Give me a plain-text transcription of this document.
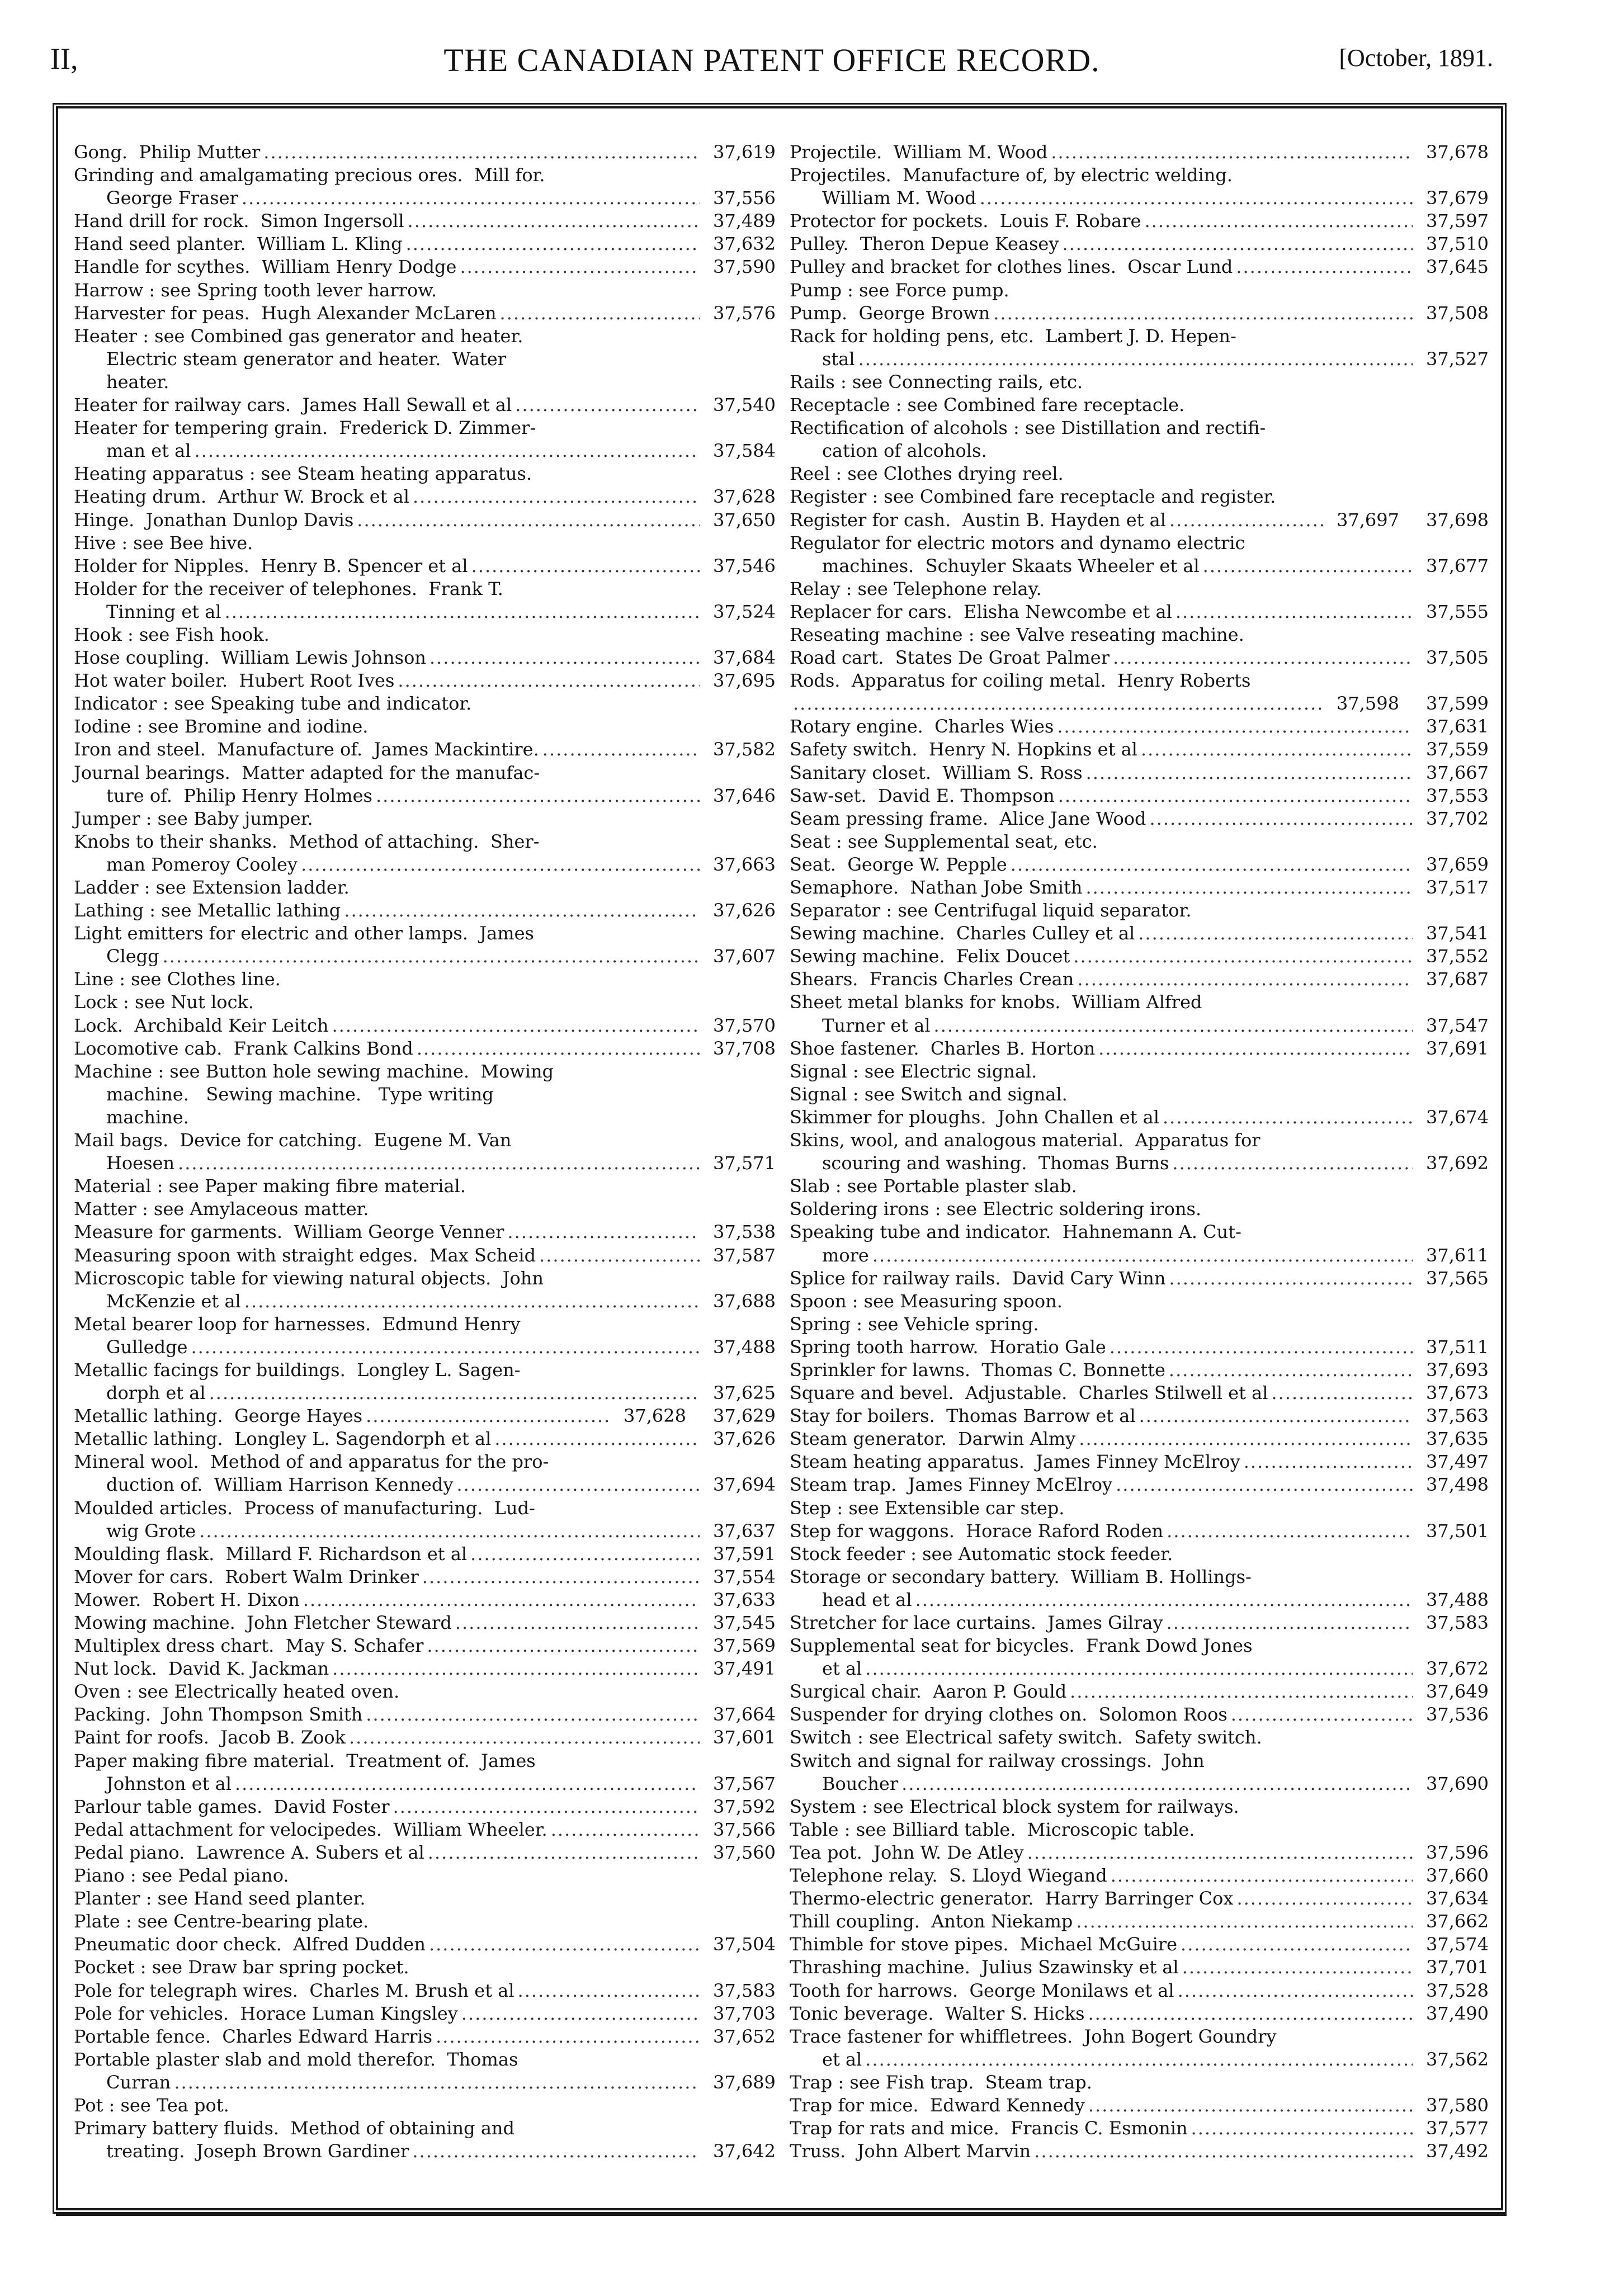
II,	THE CANADIAN PATENT OFFICE RECORD.	[October, 1891.
Gong.  Philip Mutter .....	37,619
Grinding and amalgamating precious ores.  Mill for.
George Fraser .....	37,556
Hand drill for rock.  Simon Ingersoll .....	37,489
Hand seed planter.  William L. Kling .....	37,632
Handle for scythes.  William Henry Dodge .....	37,590
Harrow : see Spring tooth lever harrow.
Harvester for peas.  Hugh Alexander McLaren .....	37,576
Heater : see Combined gas generator and heater.
Electric steam generator and heater.  Water
heater.
Heater for railway cars.  James Hall Sewall et al .....	37,540
Heater for tempering grain.  Frederick D. Zimmer-
man et al .....	37,584
Heating apparatus : see Steam heating apparatus.
Heating drum.  Arthur W. Brock et al .....	37,628
Hinge.  Jonathan Dunlop Davis .....	37,650
Hive : see Bee hive.
Holder for Nipples.  Henry B. Spencer et al .....	37,546
Holder for the receiver of telephones.  Frank T.
Tinning et al .....	37,524
Hook : see Fish hook.
Hose coupling.  William Lewis Johnson .....	37,684
Hot water boiler.  Hubert Root Ives .....	37,695
Indicator : see Speaking tube and indicator.
Iodine : see Bromine and iodine.
Iron and steel.  Manufacture of.  James Mackintire. .....	37,582
Journal bearings.  Matter adapted for the manufac-
ture of.  Philip Henry Holmes .....	37,646
Jumper : see Baby jumper.
Knobs to their shanks.  Method of attaching.  Sher-
man Pomeroy Cooley .....	37,663
Ladder : see Extension ladder.
Lathing : see Metallic lathing .....	37,626
Light emitters for electric and other lamps.  James
Clegg .....	37,607
Line : see Clothes line.
Lock : see Nut lock.
Lock.  Archibald Keir Leitch .....	37,570
Locomotive cab.  Frank Calkins Bond .....	37,708
Machine : see Button hole sewing machine.  Mowing
machine.   Sewing machine.   Type writing
machine.
Mail bags.  Device for catching.  Eugene M. Van
Hoesen .....	37,571
Material : see Paper making fibre material.
Matter : see Amylaceous matter.
Measure for garments.  William George Venner .....	37,538
Measuring spoon with straight edges.  Max Scheid .....	37,587
Microscopic table for viewing natural objects.  John
McKenzie et al .....	37,688
Metal bearer loop for harnesses.  Edmund Henry
Gulledge .....	37,488
Metallic facings for buildings.  Longley L. Sagen-
dorph et al .....	37,625
Metallic lathing.  George Hayes .....	37,628	37,629
Metallic lathing.  Longley L. Sagendorph et al .....	37,626
Mineral wool.  Method of and apparatus for the pro-
duction of.  William Harrison Kennedy .....	37,694
Moulded articles.  Process of manufacturing.  Lud-
wig Grote .....	37,637
Moulding flask.  Millard F. Richardson et al .....	37,591
Mover for cars.  Robert Walm Drinker .....	37,554
Mower.  Robert H. Dixon .....	37,633
Mowing machine.  John Fletcher Steward .....	37,545
Multiplex dress chart.  May S. Schafer .....	37,569
Nut lock.  David K. Jackman .....	37,491
Oven : see Electrically heated oven.
Packing.  John Thompson Smith .....	37,664
Paint for roofs.  Jacob B. Zook .....	37,601
Paper making fibre material.  Treatment of.  James
Johnston et al .....	37,567
Parlour table games.  David Foster .....	37,592
Pedal attachment for velocipedes.  William Wheeler. .....	37,566
Pedal piano.  Lawrence A. Subers et al .....	37,560
Piano : see Pedal piano.
Planter : see Hand seed planter.
Plate : see Centre-bearing plate.
Pneumatic door check.  Alfred Dudden .....	37,504
Pocket : see Draw bar spring pocket.
Pole for telegraph wires.  Charles M. Brush et al .....	37,583
Pole for vehicles.  Horace Luman Kingsley .....	37,703
Portable fence.  Charles Edward Harris .....	37,652
Portable plaster slab and mold therefor.  Thomas
Curran .....	37,689
Pot : see Tea pot.
Primary battery fluids.  Method of obtaining and
treating.  Joseph Brown Gardiner .....	37,642
Projectile.  William M. Wood .....	37,678
Projectiles.  Manufacture of, by electric welding.
William M. Wood .....	37,679
Protector for pockets.  Louis F. Robare .....	37,597
Pulley.  Theron Depue Keasey .....	37,510
Pulley and bracket for clothes lines.  Oscar Lund .....	37,645
Pump : see Force pump.
Pump.  George Brown .....	37,508
Rack for holding pens, etc.  Lambert J. D. Hepen-
stal .....	37,527
Rails : see Connecting rails, etc.
Receptacle : see Combined fare receptacle.
Rectification of alcohols : see Distillation and rectifi-
cation of alcohols.
Reel : see Clothes drying reel.
Register : see Combined fare receptacle and register.
Register for cash.  Austin B. Hayden et al .....	37,697	37,698
Regulator for electric motors and dynamo electric
machines.  Schuyler Skaats Wheeler et al .....	37,677
Relay : see Telephone relay.
Replacer for cars.  Elisha Newcombe et al .....	37,555
Reseating machine : see Valve reseating machine.
Road cart.  States De Groat Palmer .....	37,505
Rods.  Apparatus for coiling metal.  Henry Roberts
.....
37,598	37,599
Rotary engine.  Charles Wies .....	37,631
Safety switch.  Henry N. Hopkins et al .....	37,559
Sanitary closet.  William S. Ross .....	37,667
Saw-set.  David E. Thompson .....	37,553
Seam pressing frame.  Alice Jane Wood .....	37,702
Seat : see Supplemental seat, etc.
Seat.  George W. Pepple .....	37,659
Semaphore.  Nathan Jobe Smith .....	37,517
Separator : see Centrifugal liquid separator.
Sewing machine.  Charles Culley et al .....	37,541
Sewing machine.  Felix Doucet .....	37,552
Shears.  Francis Charles Crean .....	37,687
Sheet metal blanks for knobs.  William Alfred
Turner et al .....	37,547
Shoe fastener.  Charles B. Horton .....	37,691
Signal : see Electric signal.
Signal : see Switch and signal.
Skimmer for ploughs.  John Challen et al .....	37,674
Skins, wool, and analogous material.  Apparatus for
scouring and washing.  Thomas Burns .....	37,692
Slab : see Portable plaster slab.
Soldering irons : see Electric soldering irons.
Speaking tube and indicator.  Hahnemann A. Cut-
more .....	37,611
Splice for railway rails.  David Cary Winn .....	37,565
Spoon : see Measuring spoon.
Spring : see Vehicle spring.
Spring tooth harrow.  Horatio Gale .....	37,511
Sprinkler for lawns.  Thomas C. Bonnette .....	37,693
Square and bevel.  Adjustable.  Charles Stilwell et al .....	37,673
Stay for boilers.  Thomas Barrow et al .....	37,563
Steam generator.  Darwin Almy .....	37,635
Steam heating apparatus.  James Finney McElroy .....	37,497
Steam trap.  James Finney McElroy .....	37,498
Step : see Extensible car step.
Step for waggons.  Horace Raford Roden .....	37,501
Stock feeder : see Automatic stock feeder.
Storage or secondary battery.  William B. Hollings-
head et al .....	37,488
Stretcher for lace curtains.  James Gilray .....	37,583
Supplemental seat for bicycles.  Frank Dowd Jones
et al .....	37,672
Surgical chair.  Aaron P. Gould .....	37,649
Suspender for drying clothes on.  Solomon Roos .....	37,536
Switch : see Electrical safety switch.  Safety switch.
Switch and signal for railway crossings.  John
Boucher .....	37,690
System : see Electrical block system for railways.
Table : see Billiard table.  Microscopic table.
Tea pot.  John W. De Atley .....	37,596
Telephone relay.  S. Lloyd Wiegand .....	37,660
Thermo-electric generator.  Harry Barringer Cox .....	37,634
Thill coupling.  Anton Niekamp .....	37,662
Thimble for stove pipes.  Michael McGuire .....	37,574
Thrashing machine.  Julius Szawinsky et al .....	37,701
Tooth for harrows.  George Monilaws et al .....	37,528
Tonic beverage.  Walter S. Hicks .....	37,490
Trace fastener for whiffletrees.  John Bogert Goundry
et al .....	37,562
Trap : see Fish trap.  Steam trap.
Trap for mice.  Edward Kennedy .....	37,580
Trap for rats and mice.  Francis C. Esmonin .....	37,577
Truss.  John Albert Marvin .....	37,492
